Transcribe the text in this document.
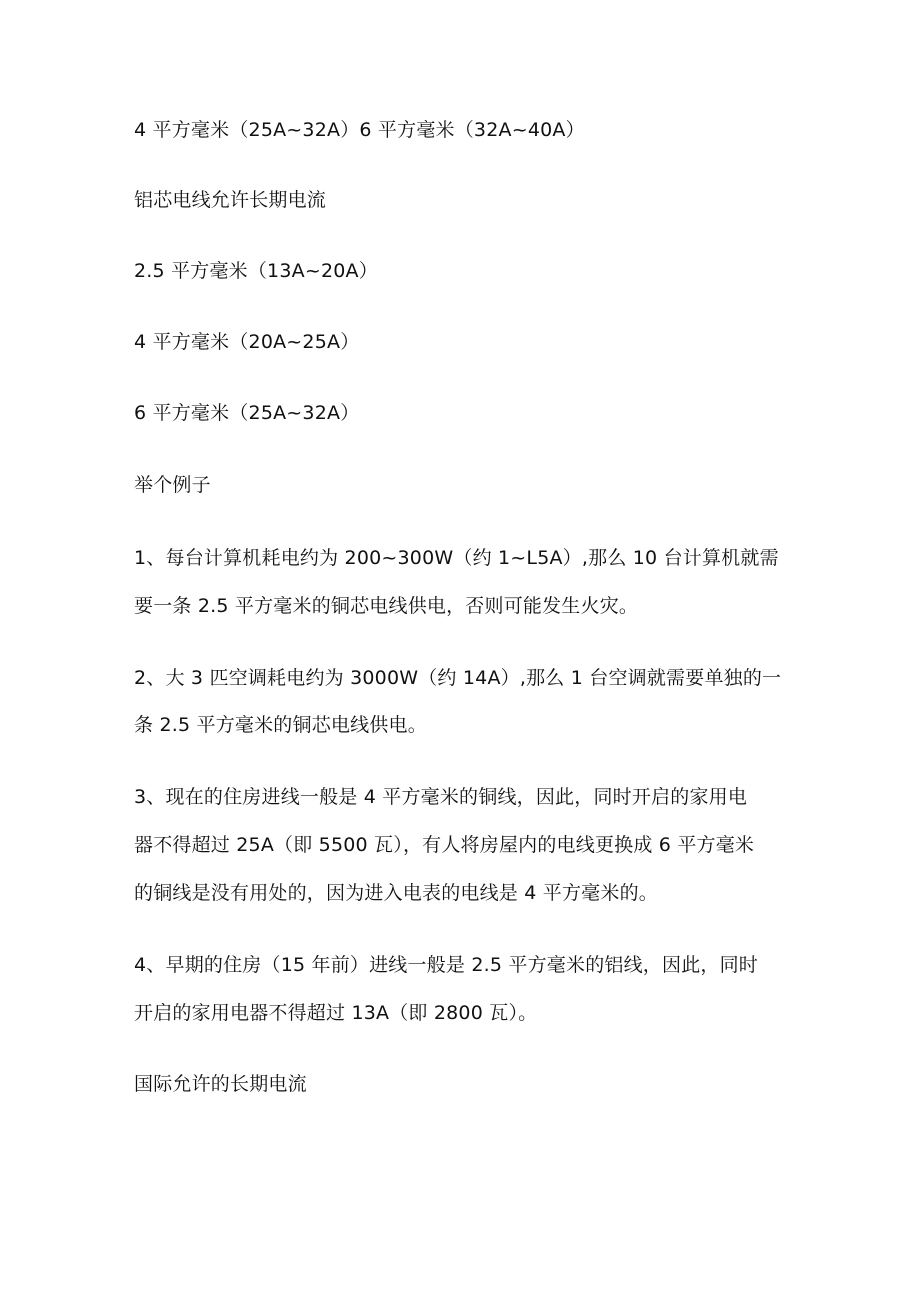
4 平方毫米（25A~32A）6 平方毫米（32A~40A）
铝芯电线允许长期电流
2.5 平方毫米（13A~20A）
4 平方毫米（20A~25A）
6 平方毫米（25A~32A）
举个例子
1、每台计算机耗电约为 200~300W（约 1~L5A）,那么 10 台计算机就需
要一条 2.5 平方毫米的铜芯电线供电，否则可能发生火灾。
2、大 3 匹空调耗电约为 3000W（约 14A）,那么 1 台空调就需要单独的一
条 2.5 平方毫米的铜芯电线供电。
3、现在的住房进线一般是 4 平方毫米的铜线，因此，同时开启的家用电
器不得超过 25A（即 5500 瓦），有人将房屋内的电线更换成 6 平方毫米
的铜线是没有用处的，因为进入电表的电线是 4 平方毫米的。
4、早期的住房（15 年前）进线一般是 2.5 平方毫米的铝线，因此，同时
开启的家用电器不得超过 13A（即 2800 瓦）。
国际允许的长期电流
